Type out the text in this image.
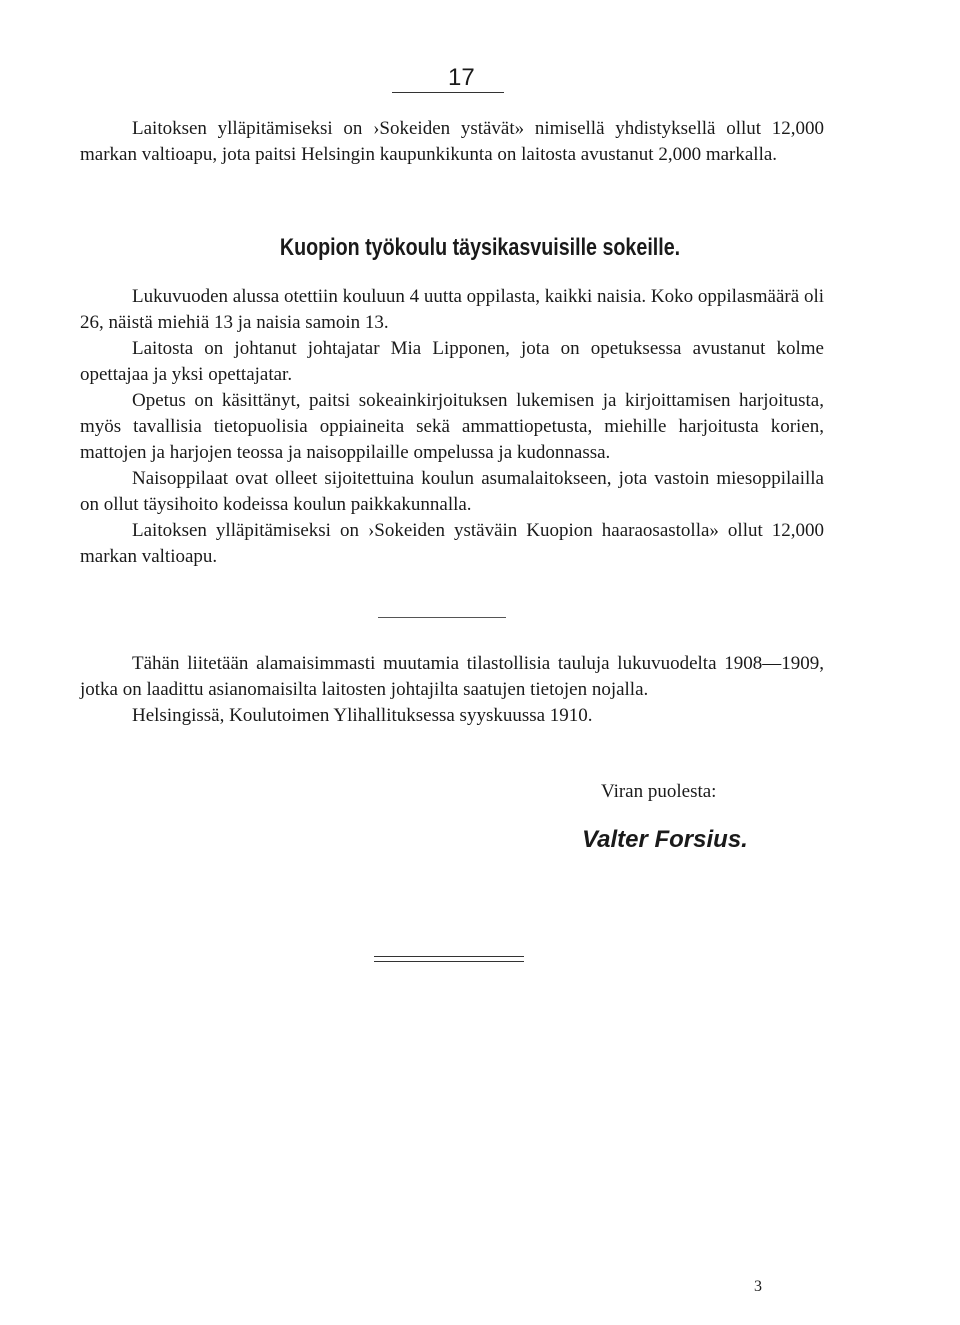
17

Laitoksen ylläpitämiseksi on ›Sokeiden ystävät» nimisellä yhdistyksellä ollut 12,000 markan valtioapu, jota paitsi Helsingin kaupunkikunta on laitosta avustanut 2,000 markalla.

Kuopion työkoulu täysikasvuisille sokeille.

Lukuvuoden alussa otettiin kouluun 4 uutta oppilasta, kaikki naisia. Koko oppilasmäärä oli 26, näistä miehiä 13 ja naisia samoin 13.

Laitosta on johtanut johtajatar Mia Lipponen, jota on opetuksessa avustanut kolme opettajaa ja yksi opettajatar.

Opetus on käsittänyt, paitsi sokeainkirjoituksen lukemisen ja kirjoittamisen harjoitusta, myös tavallisia tietopuolisia oppiaineita sekä ammattiopetusta, miehille harjoitusta korien, mattojen ja harjojen teossa ja naisoppilaille ompelussa ja kudonnassa.

Naisoppilaat ovat olleet sijoitettuina koulun asumalaitokseen, jota vastoin miesoppilailla on ollut täysihoito kodeissa koulun paikkakunnalla.

Laitoksen ylläpitämiseksi on ›Sokeiden ystäväin Kuopion haaraosastolla» ollut 12,000 markan valtioapu.

Tähän liitetään alamaisimmasti muutamia tilastollisia tauluja lukuvuodelta 1908—1909, jotka on laadittu asianomaisilta laitosten johtajilta saatujen tietojen nojalla.

Helsingissä, Koulutoimen Ylihallituksessa syyskuussa 1910.

Viran puolesta:
Valter Forsius.
3
